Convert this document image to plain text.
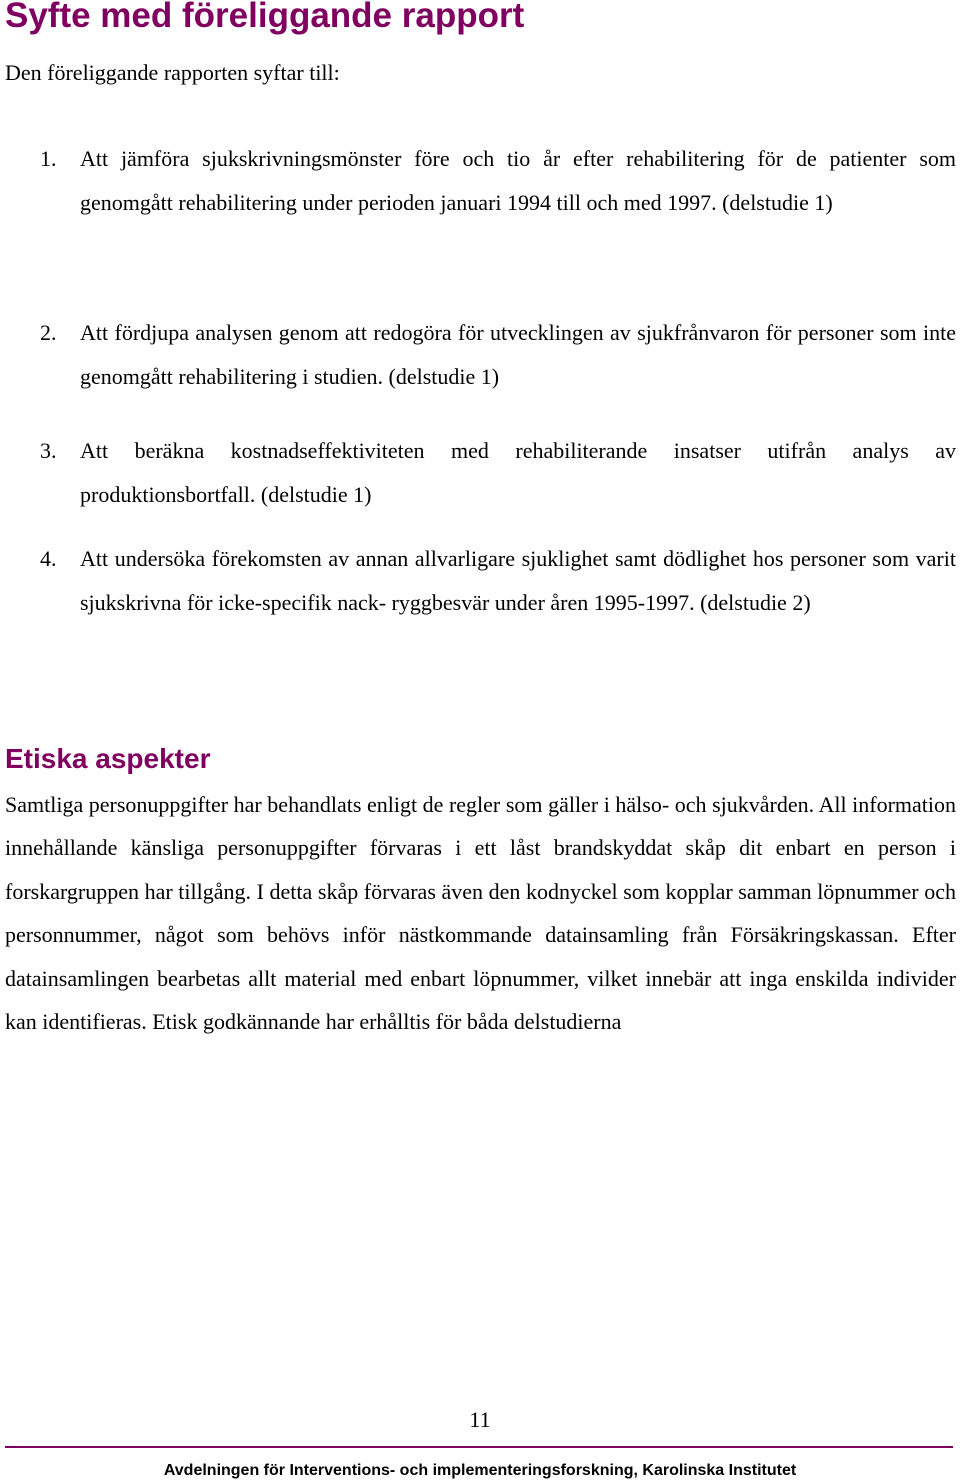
Syfte med föreliggande rapport
Den föreliggande rapporten syftar till:
1. Att jämföra sjukskrivningsmönster före och tio år efter rehabilitering för de patienter som genomgått rehabilitering under perioden januari 1994 till och med 1997. (delstudie 1)
2. Att fördjupa analysen genom att redogöra för utvecklingen av sjukfrånvaron för personer som inte genomgått rehabilitering i studien. (delstudie 1)
3. Att beräkna kostnadseffektiviteten med rehabiliterande insatser utifrån analys av produktionsbortfall. (delstudie 1)
4. Att undersöka förekomsten av annan allvarligare sjuklighet samt dödlighet hos personer som varit sjukskrivna för icke-specifik nack- ryggbesvär under åren 1995-1997. (delstudie 2)
Etiska aspekter

Samtliga personuppgifter har behandlats enligt de regler som gäller i hälso- och sjukvården. All information innehållande känsliga personuppgifter förvaras i ett låst brandskyddat skåp dit enbart en person i forskargruppen har tillgång. I detta skåp förvaras även den kodnyckel som kopplar samman löpnummer och personnummer, något som behövs inför nästkommande datainsamling från Försäkringskassan. Efter datainsamlingen bearbetas allt material med enbart löpnummer, vilket innebär att inga enskilda individer kan identifieras. Etisk godkännande har erhålltis för båda delstudierna

11
Avdelningen för Interventions- och implementeringsforskning, Karolinska Institutet
